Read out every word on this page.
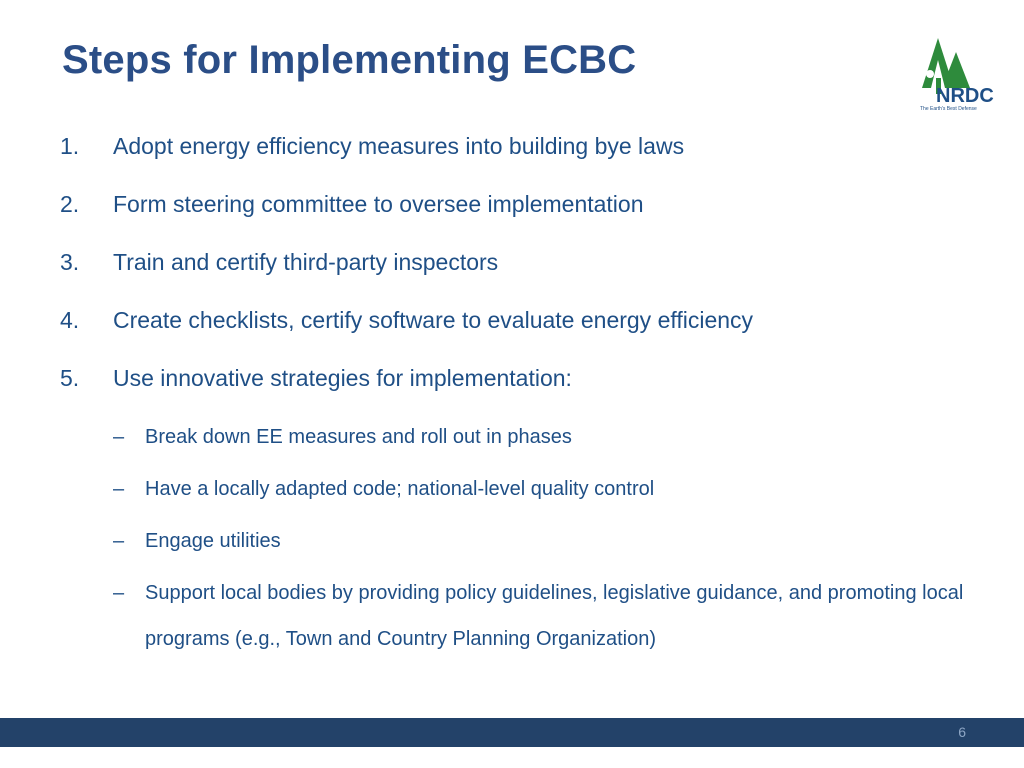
Steps for Implementing ECBC
NRDC
The Earth's Best Defense
1.	Adopt energy efficiency measures into building bye laws
2.	Form steering committee to oversee implementation
3.	Train and certify third-party inspectors
4.	Create checklists, certify software to evaluate energy efficiency
5.	Use innovative strategies for implementation:
–	Break down EE measures and roll out in phases
–	Have a locally adapted code; national-level quality control
–	Engage utilities
–	Support local bodies by providing policy guidelines, legislative guidance, and promoting local programs (e.g., Town and Country Planning Organization)
6
